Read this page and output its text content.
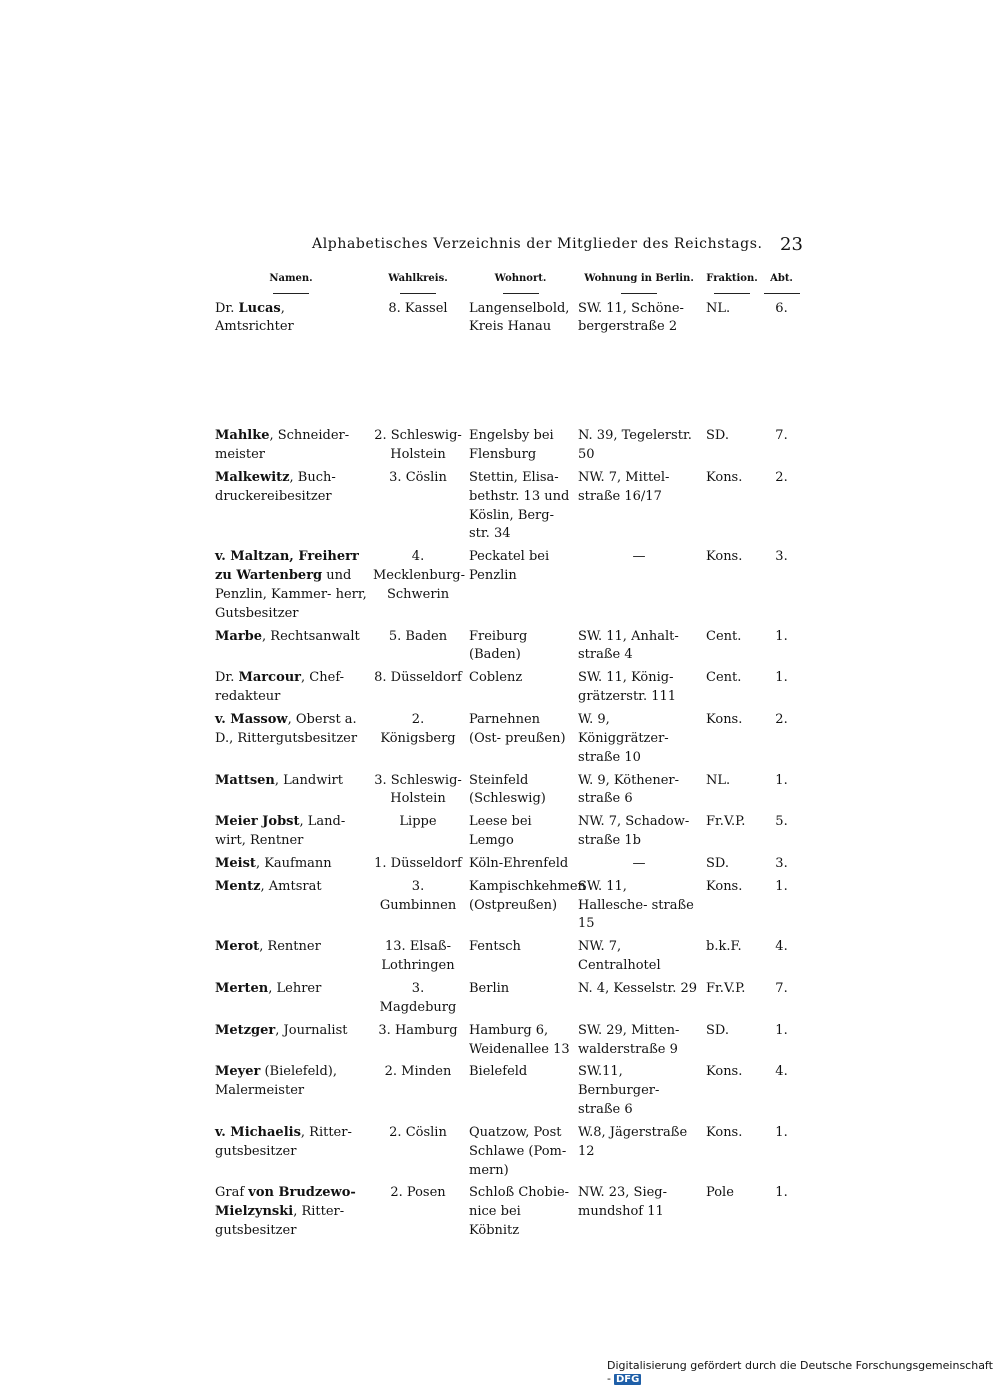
Alphabetisches Verzeichnis der Mitglieder des Reichstags. 23
Namen.	Wahlkreis.	Wohnort.	Wohnung in Berlin.	Fraktion.	Abt.

Dr. Lucas, Amtsrichter	8. Kassel	Langenselbold, Kreis Hanau	SW. 11, Schöne- bergerstraße 2	NL.	6.

Mahlke, Schneider- meister	2. Schleswig- Holstein	Engelsby bei Flensburg	N. 39, Tegelerstr. 50	SD.	7.
Malkewitz, Buch- druckereibesitzer	3. Cöslin	Stettin, Elisa- bethstr. 13 und Köslin, Berg- str. 34	NW. 7, Mittel- straße 16/17	Kons.	2.
v. Maltzan, Freiherr zu Wartenberg und Penzlin, Kammer- herr, Gutsbesitzer	4. Mecklenburg- Schwerin	Peckatel bei Penzlin	—	Kons.	3.
Marbe, Rechtsanwalt	5. Baden	Freiburg (Baden)	SW. 11, Anhalt- straße 4	Cent.	1.
Dr. Marcour, Chef- redakteur	8. Düsseldorf	Coblenz	SW. 11, König- grätzerstr. 111	Cent.	1.
v. Massow, Oberst a. D., Rittergutsbesitzer	2. Königsberg	Parnehnen (Ost- preußen)	W. 9, Königgrätzer- straße 10	Kons.	2.
Mattsen, Landwirt	3. Schleswig- Holstein	Steinfeld (Schleswig)	W. 9, Köthener- straße 6	NL.	1.
Meier Jobst, Land- wirt, Rentner	Lippe	Leese bei Lemgo	NW. 7, Schadow- straße 1b	Fr.V.P.	5.
Meist, Kaufmann	1. Düsseldorf	Köln-Ehrenfeld	—	SD.	3.
Mentz, Amtsrat	3. Gumbinnen	Kampischkehmen (Ostpreußen)	SW. 11, Hallesche- straße 15	Kons.	1.
Merot, Rentner	13. Elsaß- Lothringen	Fentsch	NW. 7, Centralhotel	b.k.F.	4.
Merten, Lehrer	3. Magdeburg	Berlin	N. 4, Kesselstr. 29	Fr.V.P.	7.
Metzger, Journalist	3. Hamburg	Hamburg 6, Weidenallee 13	SW. 29, Mitten- walderstraße 9	SD.	1.
Meyer (Bielefeld), Malermeister	2. Minden	Bielefeld	SW.11, Bernburger- straße 6	Kons.	4.
v. Michaelis, Ritter- gutsbesitzer	2. Cöslin	Quatzow, Post Schlawe (Pom- mern)	W.8, Jägerstraße 12	Kons.	1.
Graf von Brudzewo- Mielzynski, Ritter- gutsbesitzer	2. Posen	Schloß Chobie- nice bei Köbnitz	NW. 23, Sieg- mundshof 11	Pole	1.
Digitalisierung gefördert durch die Deutsche Forschungsgemeinschaft - DFG
